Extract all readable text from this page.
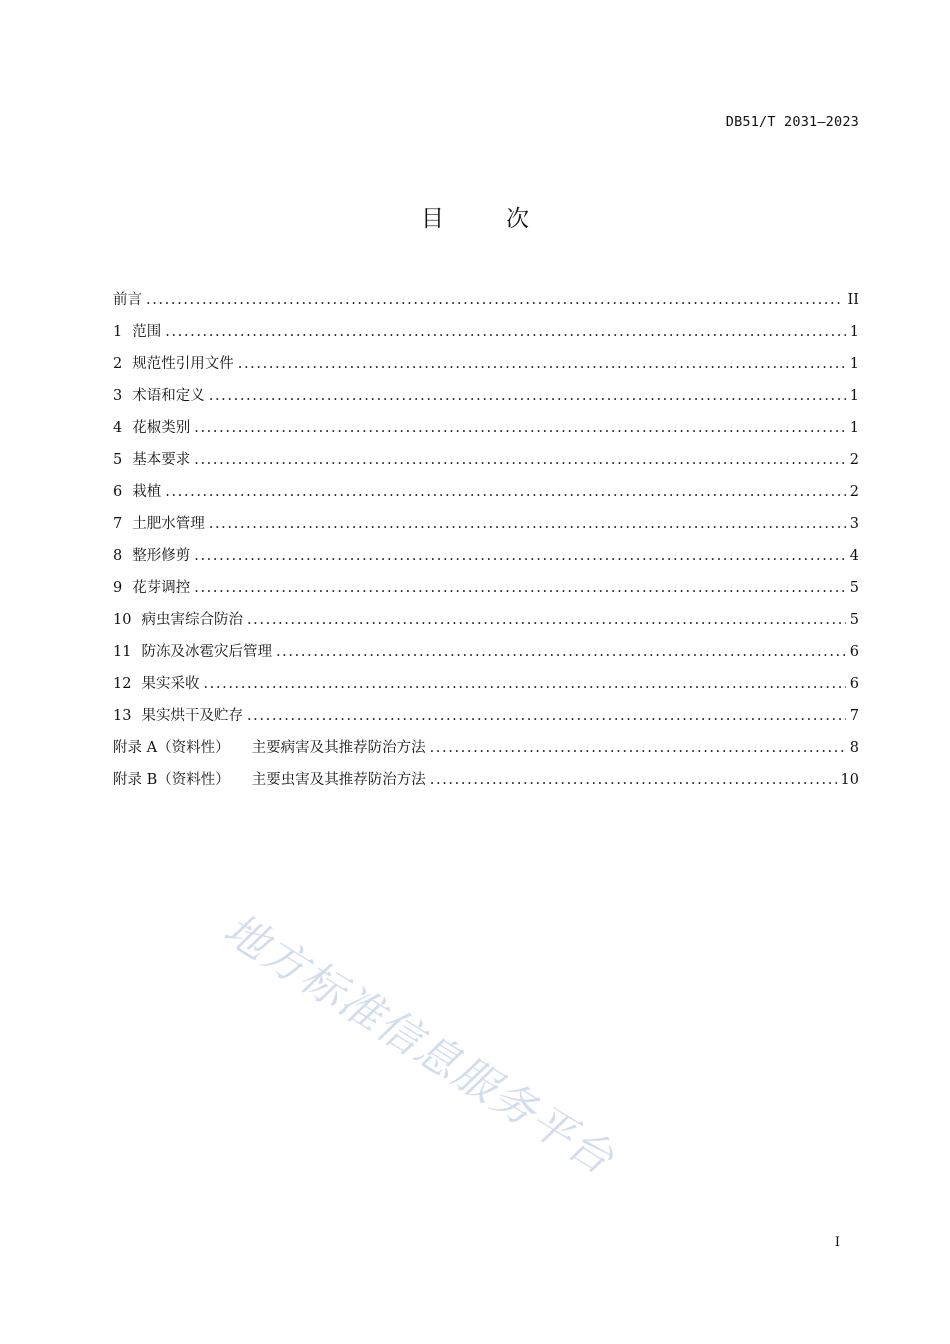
DB51/T 2031—2023
目次
前言 . . .	II
1 范围 . . .	1
2 规范性引用文件 . . .	1
3 术语和定义 . . .	1
4 花椒类别 . . .	1
5 基本要求 . . .	2
6 栽植 . . .	2
7 土肥水管理 . . .	3
8 整形修剪 . . .	4
9 花芽调控 . . .	5
10 病虫害综合防治 . . .	5
11 防冻及冰雹灾后管理 . . .	6
12 果实采收 . . .	6
13 果实烘干及贮存 . . .	7
附录 A（资料性） 主要病害及其推荐防治方法 . . .	8
附录 B（资料性） 主要虫害及其推荐防治方法 . . .	10
地方标准信息服务平台
I
